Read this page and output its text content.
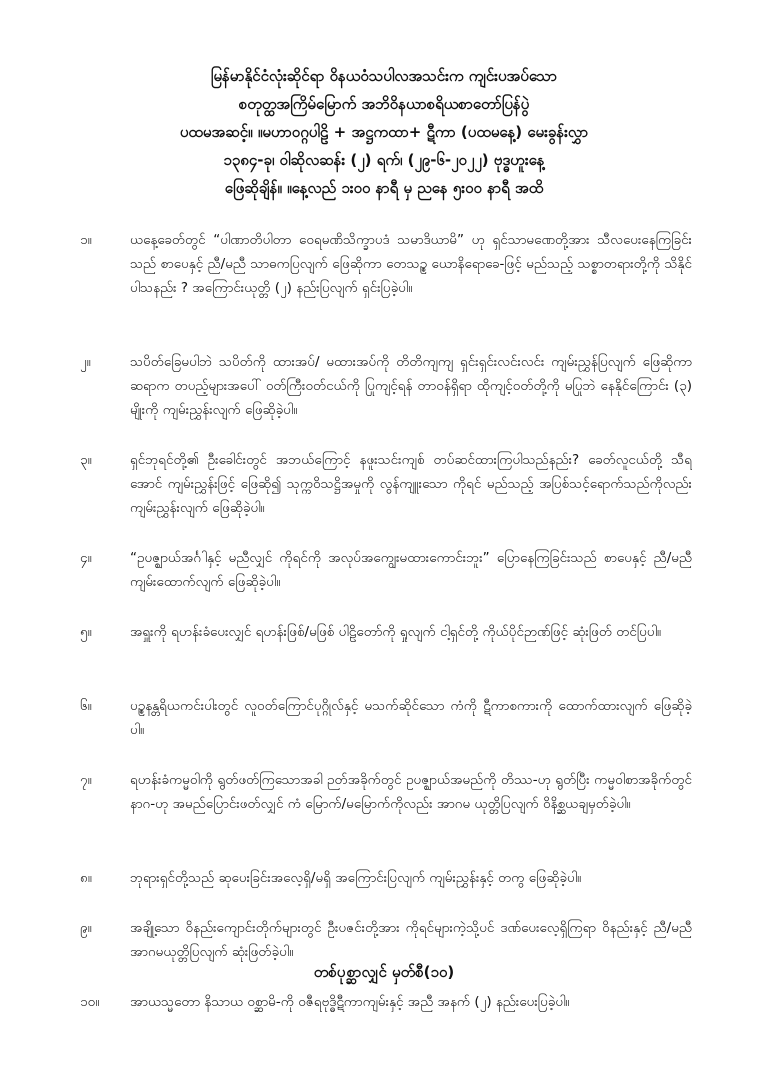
မြန်မာနိုင်ငံလုံးဆိုင်ရာ ဝိနယဝံသပါလအသင်းက ကျင်းပအပ်သော
စတုတ္ထအကြိမ်မြောက် အဘိဝိနယာစရိယစာတော်ပြန်ပွဲ
ပထမအဆင့်။ ။မဟာဝဂ္ဂပါဠိ + အဋ္ဌကထာ+ ဋီကာ (ပထမနေ့) မေးခွန်းလွှာ
၁၃၈၄-ခု၊ ဝါဆိုလဆန်း (၂) ရက်၊ (၂၉-၆-၂၀၂၂) ဗုဒ္ဓဟူးနေ့
ဖြေဆိုချိန်။ ။နေ့လည် ၁း၀၀ နာရီ မှ ညနေ ၅း၀၀ နာရီ အထိ
၁။	ယနေ့ခေတ်တွင် “ပါဏာတိပါတာ ဝေရမဏိသိက္ခာပဒံ သမာဒိယာမိ” ဟု ရှင်သာမဏေတို့အား သီလပေးနေကြခြင်းသည် စာပေနှင့် ညီ/မညီ သာဓကပြလျက် ဖြေဆိုကာ တေသဥ္စ ယောနိရောခေ-ဖြင့် မည်သည့် သစ္စာတရားတို့ကို သိနိုင်ပါသနည်း ? အကြောင်းယုတ္တိ (၂) နည်းပြလျက် ရှင်းပြခဲ့ပါ။
၂။	သပိတ်ခြေမပါဘဲ သပိတ်ကို ထားအပ်/ မထားအပ်ကို တိတိကျကျ ရှင်းရှင်းလင်းလင်း ကျမ်းညွှန်ပြလျက် ဖြေဆိုကာ ဆရာက တပည့်များအပေါ် ဝတ်ကြီးဝတ်ငယ်ကို ပြုကျင့်ရန် တာဝန်ရှိရာ ထိုကျင့်ဝတ်တို့ကို မပြုဘဲ နေနိုင်ကြောင်း (၃) မျိုးကို ကျမ်းညွှန်းလျက် ဖြေဆိုခဲ့ပါ။
၃။	ရှင်ဘုရင်တို့၏ ဦးခေါင်းတွင် အဘယ်ကြောင့် နဖူးသင်းကျစ် တပ်ဆင်ထားကြပါသည်နည်း? ခေတ်လူငယ်တို့ သီရအောင် ကျမ်းညွှန်းဖြင့် ဖြေဆို၍ သုက္ကဝိသဋ္ဌိအမှုကို လွန်ကျူးသော ကိုရင် မည်သည့် အပြစ်သင့်ရောက်သည်ကိုလည်း ကျမ်းညွှန်းလျက် ဖြေဆိုခဲ့ပါ။
၄။	“ဥပဇ္ဈာယ်အင်္ဂါနှင့် မညီလျှင် ကိုရင်ကို အလုပ်အကျွေးမထားကောင်းဘူး” ပြောနေကြခြင်းသည် စာပေနှင့် ညီ/မညီ ကျမ်းထောက်လျက် ဖြေဆိုခဲ့ပါ။
၅။	အရှူးကို ရဟန်းခံပေးလျှင် ရဟန်းဖြစ်/မဖြစ် ပါဠိတော်ကို ရှုလျက် ငါ့ရှင်တို့ ကိုယ်ပိုင်ဉာဏ်ဖြင့် ဆုံးဖြတ် တင်ပြပါ။
၆။	ပဥ္စနန္တရိယကင်းပါးတွင် လူဝတ်ကြောင်ပုဂ္ဂိုလ်နှင့် မသက်ဆိုင်သော ကံကို ဋီကာစကားကို ထောက်ထားလျက် ဖြေဆိုခဲ့ပါ။
၇။	ရဟန်းခံကမ္မဝါကို ရွတ်ဖတ်ကြသောအခါ ဉတ်အခိုက်တွင် ဥပဇ္ဈာယ်အမည်ကို တိဿ-ဟု ရွတ်ပြီး ကမ္မဝါစာအခိုက်တွင် နာဂ-ဟု အမည်ပြောင်းဖတ်လျှင် ကံ မြောက်/မမြောက်ကိုလည်း အာဂမ ယုတ္တိပြလျက် ဝိနိစ္ဆယချမှတ်ခဲ့ပါ။
၈။	ဘုရားရှင်တို့သည် ဆုပေးခြင်းအလေ့ရှိ/မရှိ အကြောင်းပြလျက် ကျမ်းညွှန်းနှင့် တကွ ဖြေဆိုခဲ့ပါ။
၉။	အချို့သော ဝိနည်းကျောင်းတိုက်များတွင် ဦးပဇင်းတို့အား ကိုရင်များကဲ့သို့ပင် ဒဏ်ပေးလေ့ရှိကြရာ ဝိနည်းနှင့် ညီ/မညီ အာဂမယုတ္တိပြလျက် ဆုံးဖြတ်ခဲ့ပါ။
၁၀။	အာယသ္မတော နိသာယ ဝစ္ဆာမိ-ကို ဝဇီရဗုဒ္ဓိဋီကာကျမ်းနှင့် အညီ အနက် (၂) နည်းပေးပြခဲ့ပါ။
တစ်ပုစ္ဆာလျှင် မှတ်စီ(၁၀)
